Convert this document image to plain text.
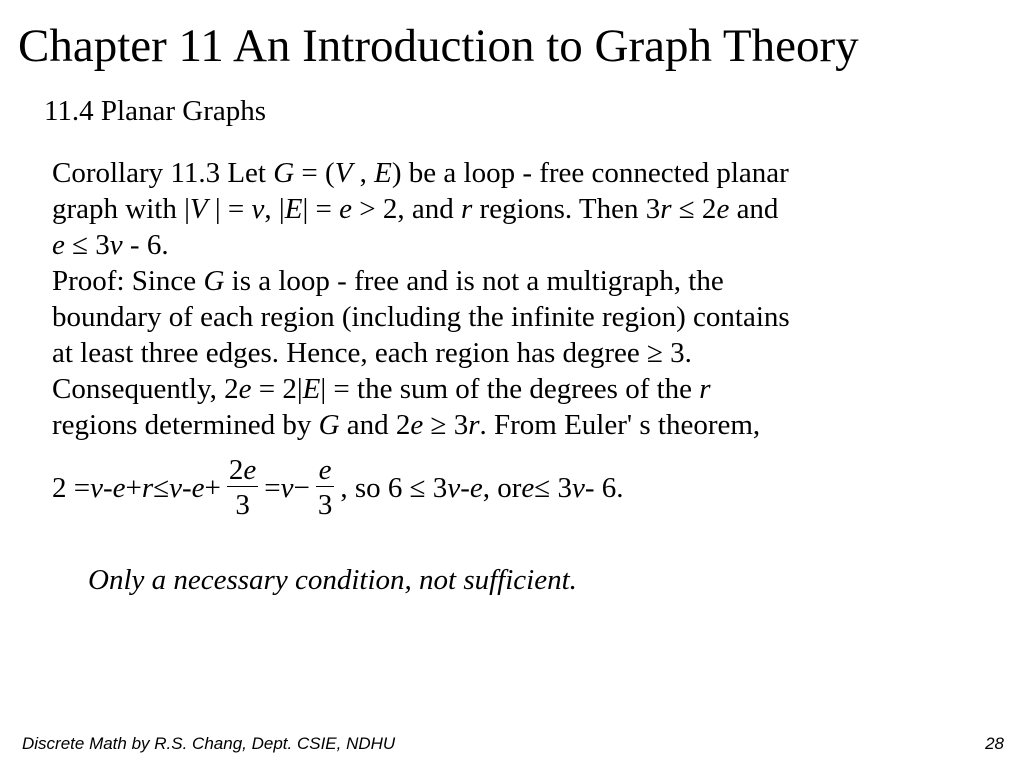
Chapter 11 An Introduction to Graph Theory
11.4 Planar Graphs
Corollary 11.3 Let G = (V , E) be a loop - free connected planar
graph with |V | = v, |E| = e > 2, and r regions. Then 3r ≤ 2e and
e ≤ 3v - 6.
Proof: Since G is a loop - free and is not a multigraph, the
boundary of each region (including the infinite region) contains
at least three edges. Hence, each region has degree ≥ 3.
Consequently, 2e = 2|E| = the sum of the degrees of the r
regions determined by G and 2e ≥ 3r. From Euler' s theorem,
$2 = v - e + r \le v - e + \frac{2e}{3} = v - \frac{e}{3}$ , so 6 ≤ 3 v - e , or e ≤ 3 v - 6.
Only a necessary condition, not sufficient.
Discrete Math by R.S. Chang, Dept. CSIE, NDHU	28
